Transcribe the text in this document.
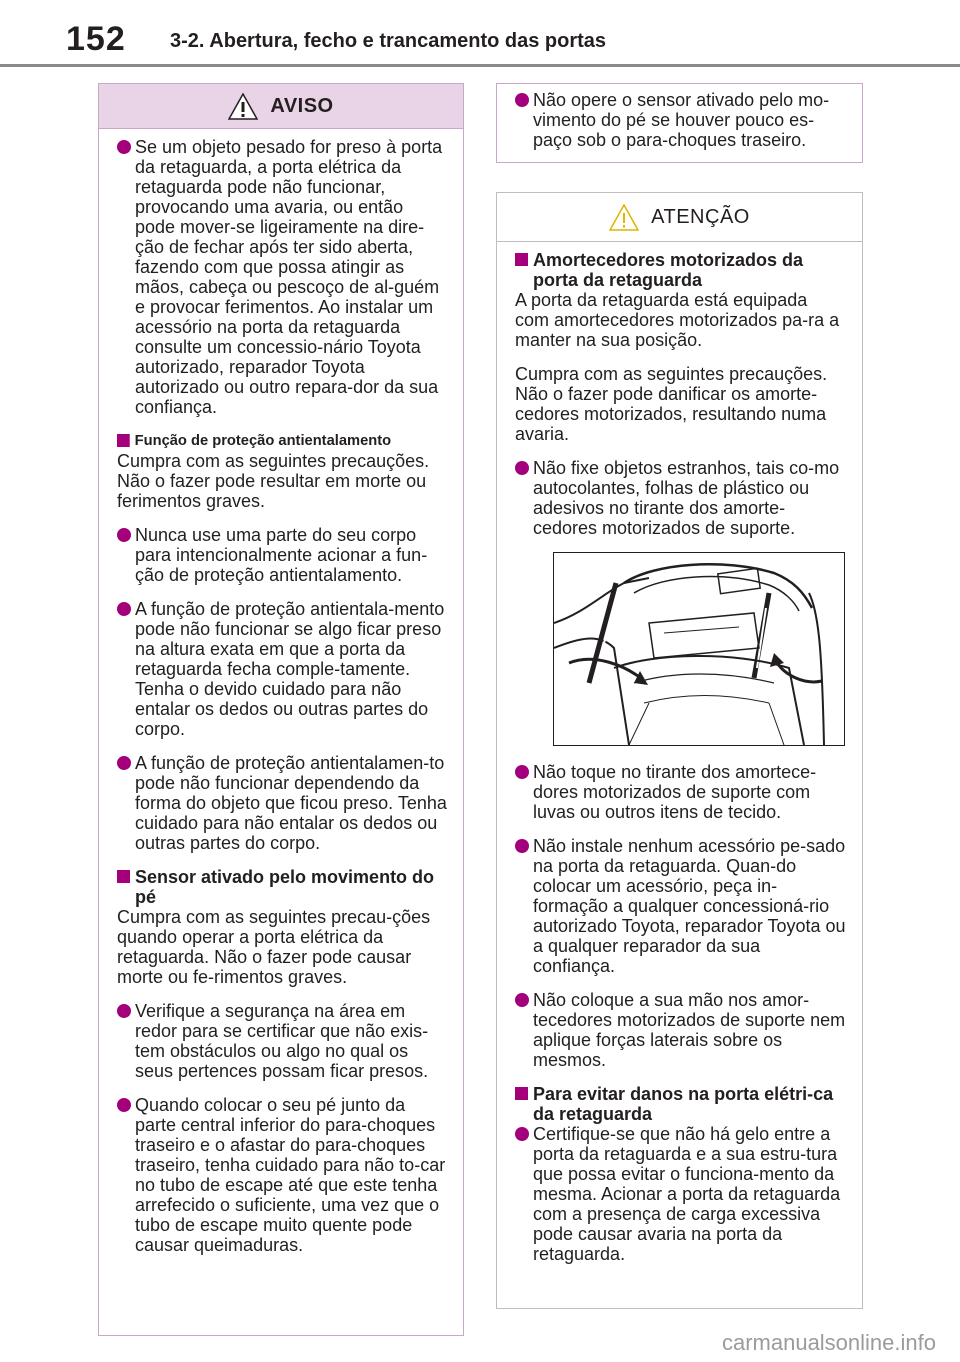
152 3-2. Abertura, fecho e trancamento das portas
AVISO
Se um objeto pesado for preso à porta da retaguarda, a porta elétrica da retaguarda pode não funcionar, provocando uma avaria, ou então pode mover-se ligeiramente na dire-ção de fechar após ter sido aberta, fazendo com que possa atingir as mãos, cabeça ou pescoço de al-guém e provocar ferimentos. Ao instalar um acessório na porta da retaguarda consulte um concessio-nário Toyota autorizado, reparador Toyota autorizado ou outro repara-dor da sua confiança.
Função de proteção antientalamento
Cumpra com as seguintes precauções. Não o fazer pode resultar em morte ou ferimentos graves.
Nunca use uma parte do seu corpo para intencionalmente acionar a fun-ção de proteção antientalamento.
A função de proteção antientala-mento pode não funcionar se algo ficar preso na altura exata em que a porta da retaguarda fecha comple-tamente. Tenha o devido cuidado para não entalar os dedos ou outras partes do corpo.
A função de proteção antientalamen-to pode não funcionar dependendo da forma do objeto que ficou preso. Tenha cuidado para não entalar os dedos ou outras partes do corpo.
Sensor ativado pelo movimento do pé
Cumpra com as seguintes precau-ções quando operar a porta elétrica da retaguarda. Não o fazer pode causar morte ou fe-rimentos graves.
Verifique a segurança na área em redor para se certificar que não exis-tem obstáculos ou algo no qual os seus pertences possam ficar presos.
Quando colocar o seu pé junto da parte central inferior do para-choques traseiro e o afastar do para-choques traseiro, tenha cuidado para não to-car no tubo de escape até que este tenha arrefecido o suficiente, uma vez que o tubo de escape muito quente pode causar queimaduras.
Não opere o sensor ativado pelo mo-vimento do pé se houver pouco es-paço sob o para-choques traseiro.
ATENÇÃO
Amortecedores motorizados da porta da retaguarda
A porta da retaguarda está equipada com amortecedores motorizados pa-ra a manter na sua posição.
Cumpra com as seguintes precauções. Não o fazer pode danificar os amorte-cedores motorizados, resultando numa avaria.
Não fixe objetos estranhos, tais co-mo autocolantes, folhas de plástico ou adesivos no tirante dos amorte-cedores motorizados de suporte.
Não toque no tirante dos amortece-dores motorizados de suporte com luvas ou outros itens de tecido.
Não instale nenhum acessório pe-sado na porta da retaguarda. Quan-do colocar um acessório, peça in-formação a qualquer concessioná-rio autorizado Toyota, reparador Toyota ou a qualquer reparador da sua confiança.
Não coloque a sua mão nos amor-tecedores motorizados de suporte nem aplique forças laterais sobre os mesmos.
Para evitar danos na porta elétri-ca da retaguarda
Certifique-se que não há gelo entre a porta da retaguarda e a sua estru-tura que possa evitar o funciona-mento da mesma. Acionar a porta da retaguarda com a presença de carga excessiva pode causar avaria na porta da retaguarda.
carmanualsonline.info
